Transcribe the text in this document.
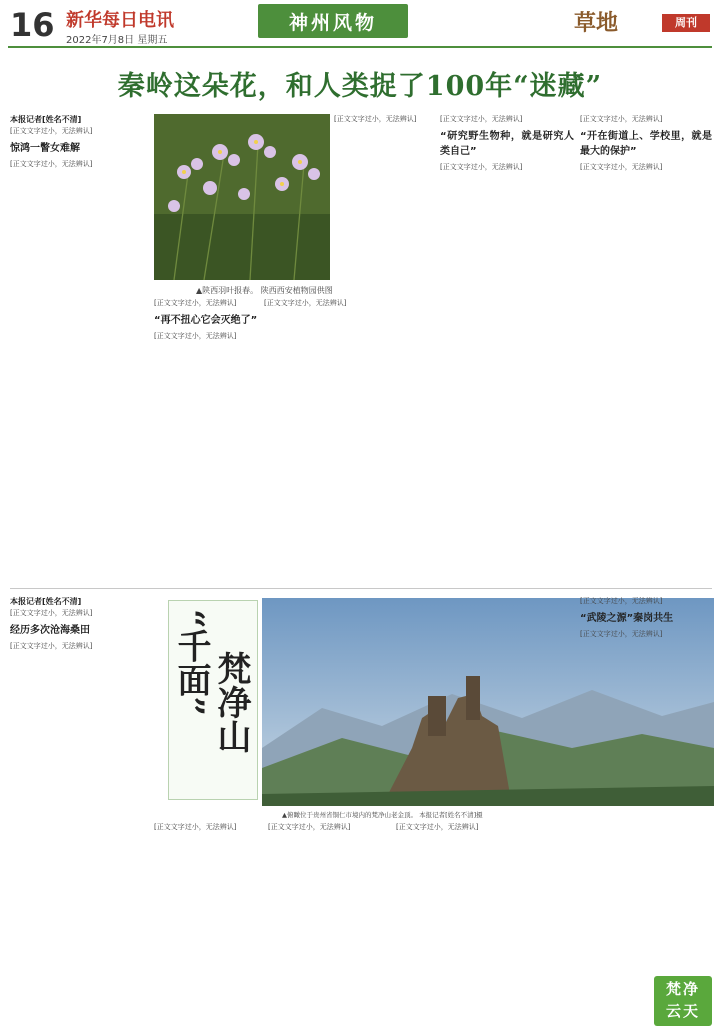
16 新华每日电讯
2022年7月8日 星期五
神州风物	草地	周刊
秦岭这朵花，和人类捉了100年“迷藏”
本报记者[姓名不清]

[正文文字过小，无法辨认]

惊鸿一瞥女难解

[正文文字过小，无法辨认]

▲陕西羽叶报春。 陕西西安植物园供图

[正文文字过小，无法辨认]

“再不扭心它会灭绝了”

[正文文字过小，无法辨认]

[正文文字过小，无法辨认]

[正文文字过小，无法辨认]	[正文文字过小，无法辨认]

“研究野生物种，就是研究人类自己”

[正文文字过小，无法辨认]

[正文文字过小，无法辨认]

“开在街道上、学校里，就是最大的保护”

[正文文字过小，无法辨认]

本报记者[姓名不清]

[正文文字过小，无法辨认]

经历多次沧海桑田

[正文文字过小，无法辨认]	“千面” 梵净山
▲俯瞰位于贵州省铜仁市境内的梵净山老金顶。 本报记者[姓名不清]摄

[正文文字过小，无法辨认]	[正文文字过小，无法辨认]	[正文文字过小，无法辨认]

[正文文字过小，无法辨认]

“武陵之源”秦岗共生

[正文文字过小，无法辨认]

梵净
云天
